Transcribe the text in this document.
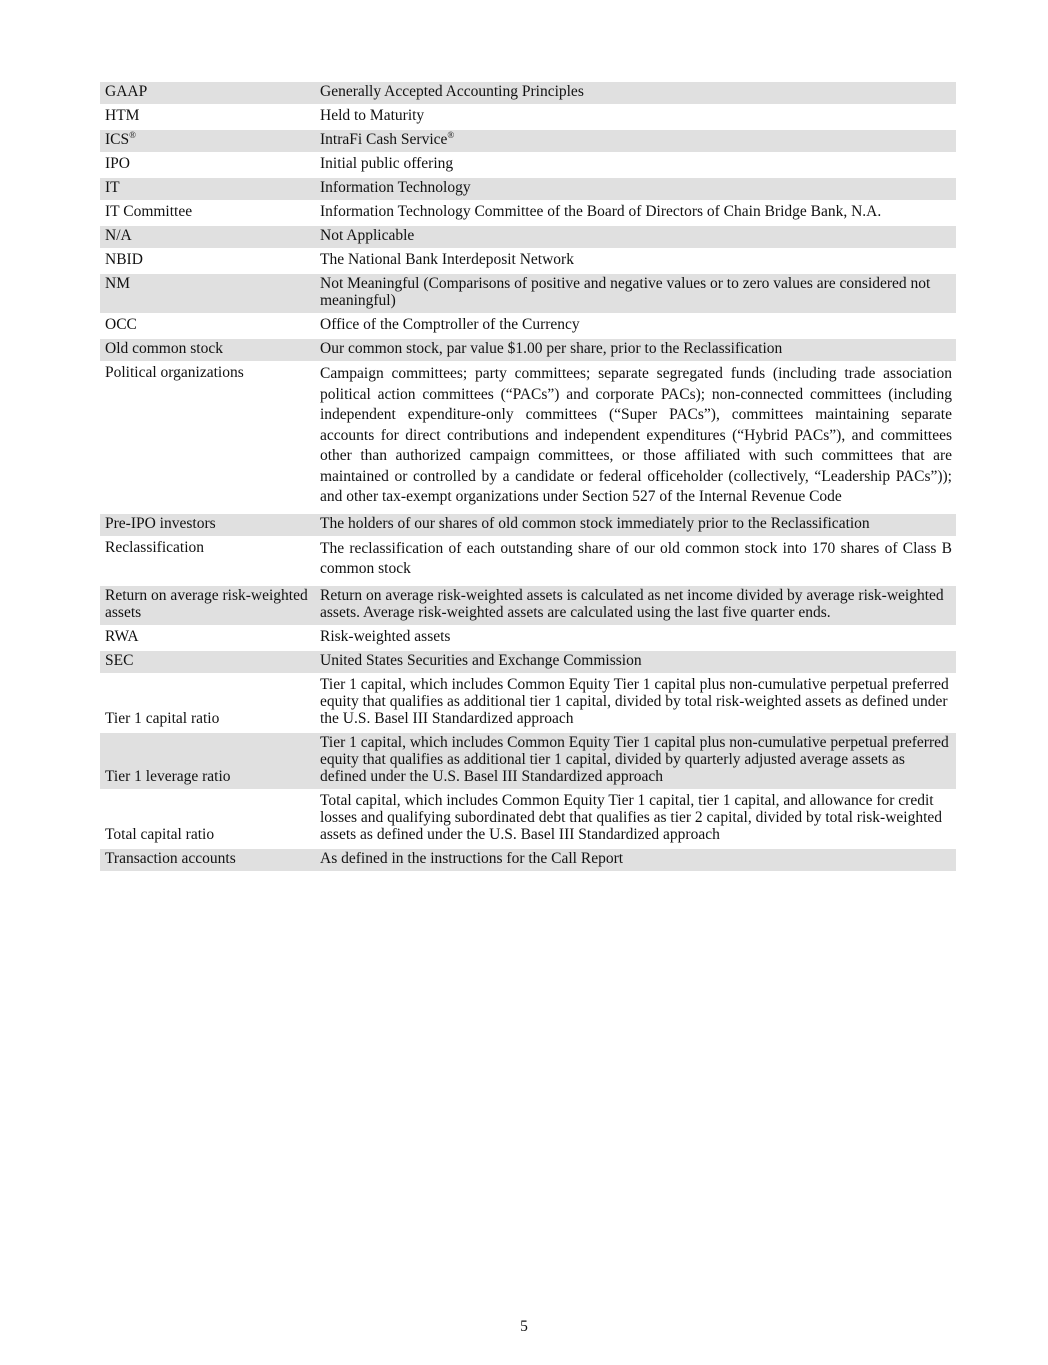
GAAP	Generally Accepted Accounting Principles
HTM	Held to Maturity
ICS®	IntraFi Cash Service®
IPO	Initial public offering
IT	Information Technology
IT Committee	Information Technology Committee of the Board of Directors of Chain Bridge Bank, N.A.
N/A	Not Applicable
NBID	The National Bank Interdeposit Network
NM	Not Meaningful (Comparisons of positive and negative values or to zero values are considered not meaningful)
OCC	Office of the Comptroller of the Currency
Old common stock	Our common stock, par value $1.00 per share, prior to the Reclassification
Political organizations	Campaign committees; party committees; separate segregated funds (including trade association political action committees (“PACs”) and corporate PACs); non-connected committees (including independent expenditure-only committees (“Super PACs”), committees maintaining separate accounts for direct contributions and independent expenditures (“Hybrid PACs”), and committees other than authorized campaign committees, or those affiliated with such committees that are maintained or controlled by a candidate or federal officeholder (collectively, “Leadership PACs”)); and other tax-exempt organizations under Section 527 of the Internal Revenue Code
Pre-IPO investors	The holders of our shares of old common stock immediately prior to the Reclassification
Reclassification	The reclassification of each outstanding share of our old common stock into 170 shares of Class B common stock
Return on average risk-weighted assets	Return on average risk-weighted assets is calculated as net income divided by average risk-weighted assets. Average risk-weighted assets are calculated using the last five quarter ends.
RWA	Risk-weighted assets
SEC	United States Securities and Exchange Commission
Tier 1 capital ratio	Tier 1 capital, which includes Common Equity Tier 1 capital plus non-cumulative perpetual preferred equity that qualifies as additional tier 1 capital, divided by total risk-weighted assets as defined under the U.S. Basel III Standardized approach
Tier 1 leverage ratio	Tier 1 capital, which includes Common Equity Tier 1 capital plus non-cumulative perpetual preferred equity that qualifies as additional tier 1 capital, divided by quarterly adjusted average assets as defined under the U.S. Basel III Standardized approach
Total capital ratio	Total capital, which includes Common Equity Tier 1 capital, tier 1 capital, and allowance for credit losses and qualifying subordinated debt that qualifies as tier 2 capital, divided by total risk-weighted assets as defined under the U.S. Basel III Standardized approach
Transaction accounts	As defined in the instructions for the Call Report
5
